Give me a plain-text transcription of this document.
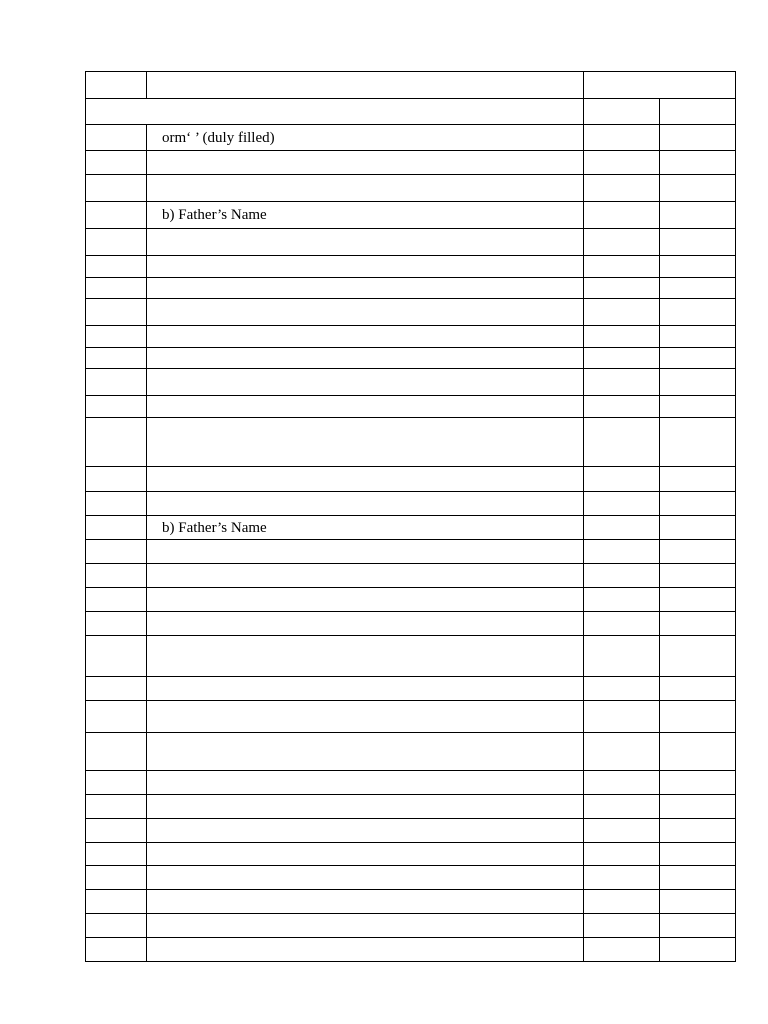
	orm‘ ’ (duly filled)		

	b) Father’s Name		

	b) Father’s Name		
